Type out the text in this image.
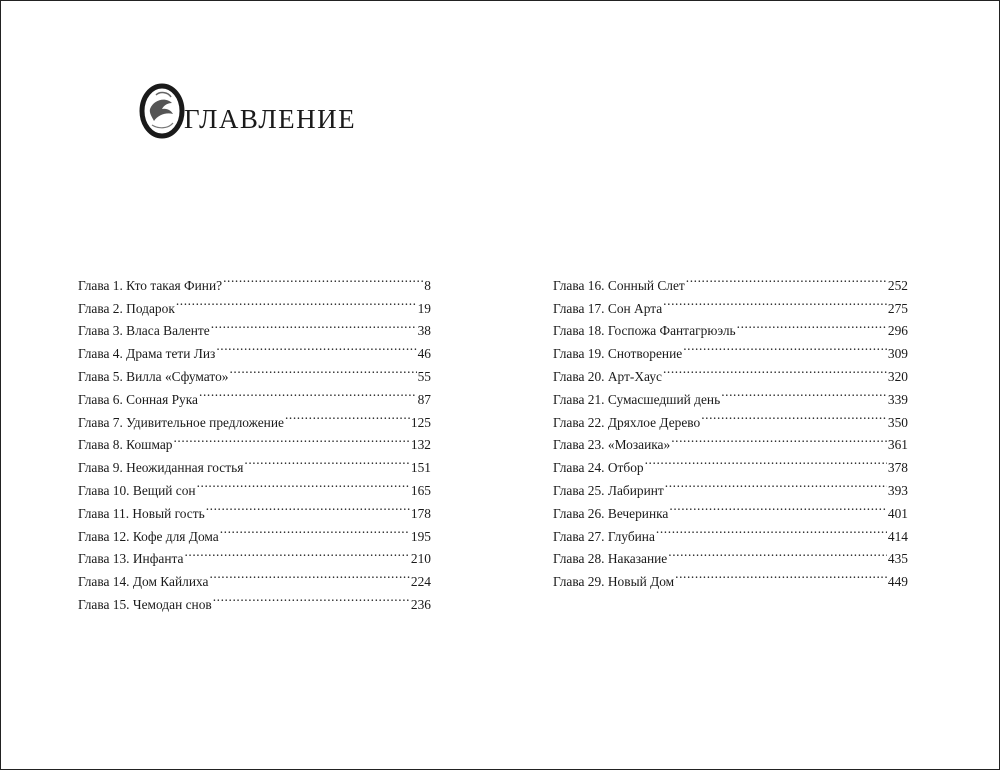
ГЛАВЛЕНИЕ
Глава 1. Кто такая Фини? .....	8
Глава 2. Подарок .....	19
Глава 3. Власа Валенте .....	38
Глава 4. Драма тети Лиз .....	46
Глава 5. Вилла «Сфумато» .....	55
Глава 6. Сонная Рука .....	87
Глава 7. Удивительное предложение .....	125
Глава 8. Кошмар .....	132
Глава 9. Неожиданная гостья .....	151
Глава 10. Вещий сон .....	165
Глава 11. Новый гость .....	178
Глава 12. Кофе для Дома .....	195
Глава 13. Инфанта .....	210
Глава 14. Дом Кайлиха .....	224
Глава 15. Чемодан снов .....	236
Глава 16. Сонный Слет .....	252
Глава 17. Сон Арта .....	275
Глава 18. Госпожа Фантагрюэль .....	296
Глава 19. Снотворение .....	309
Глава 20. Арт-Хаус .....	320
Глава 21. Сумасшедший день .....	339
Глава 22. Дряхлое Дерево .....	350
Глава 23. «Мозаика» .....	361
Глава 24. Отбор .....	378
Глава 25. Лабиринт .....	393
Глава 26. Вечеринка .....	401
Глава 27. Глубина .....	414
Глава 28. Наказание .....	435
Глава 29. Новый Дом .....	449
